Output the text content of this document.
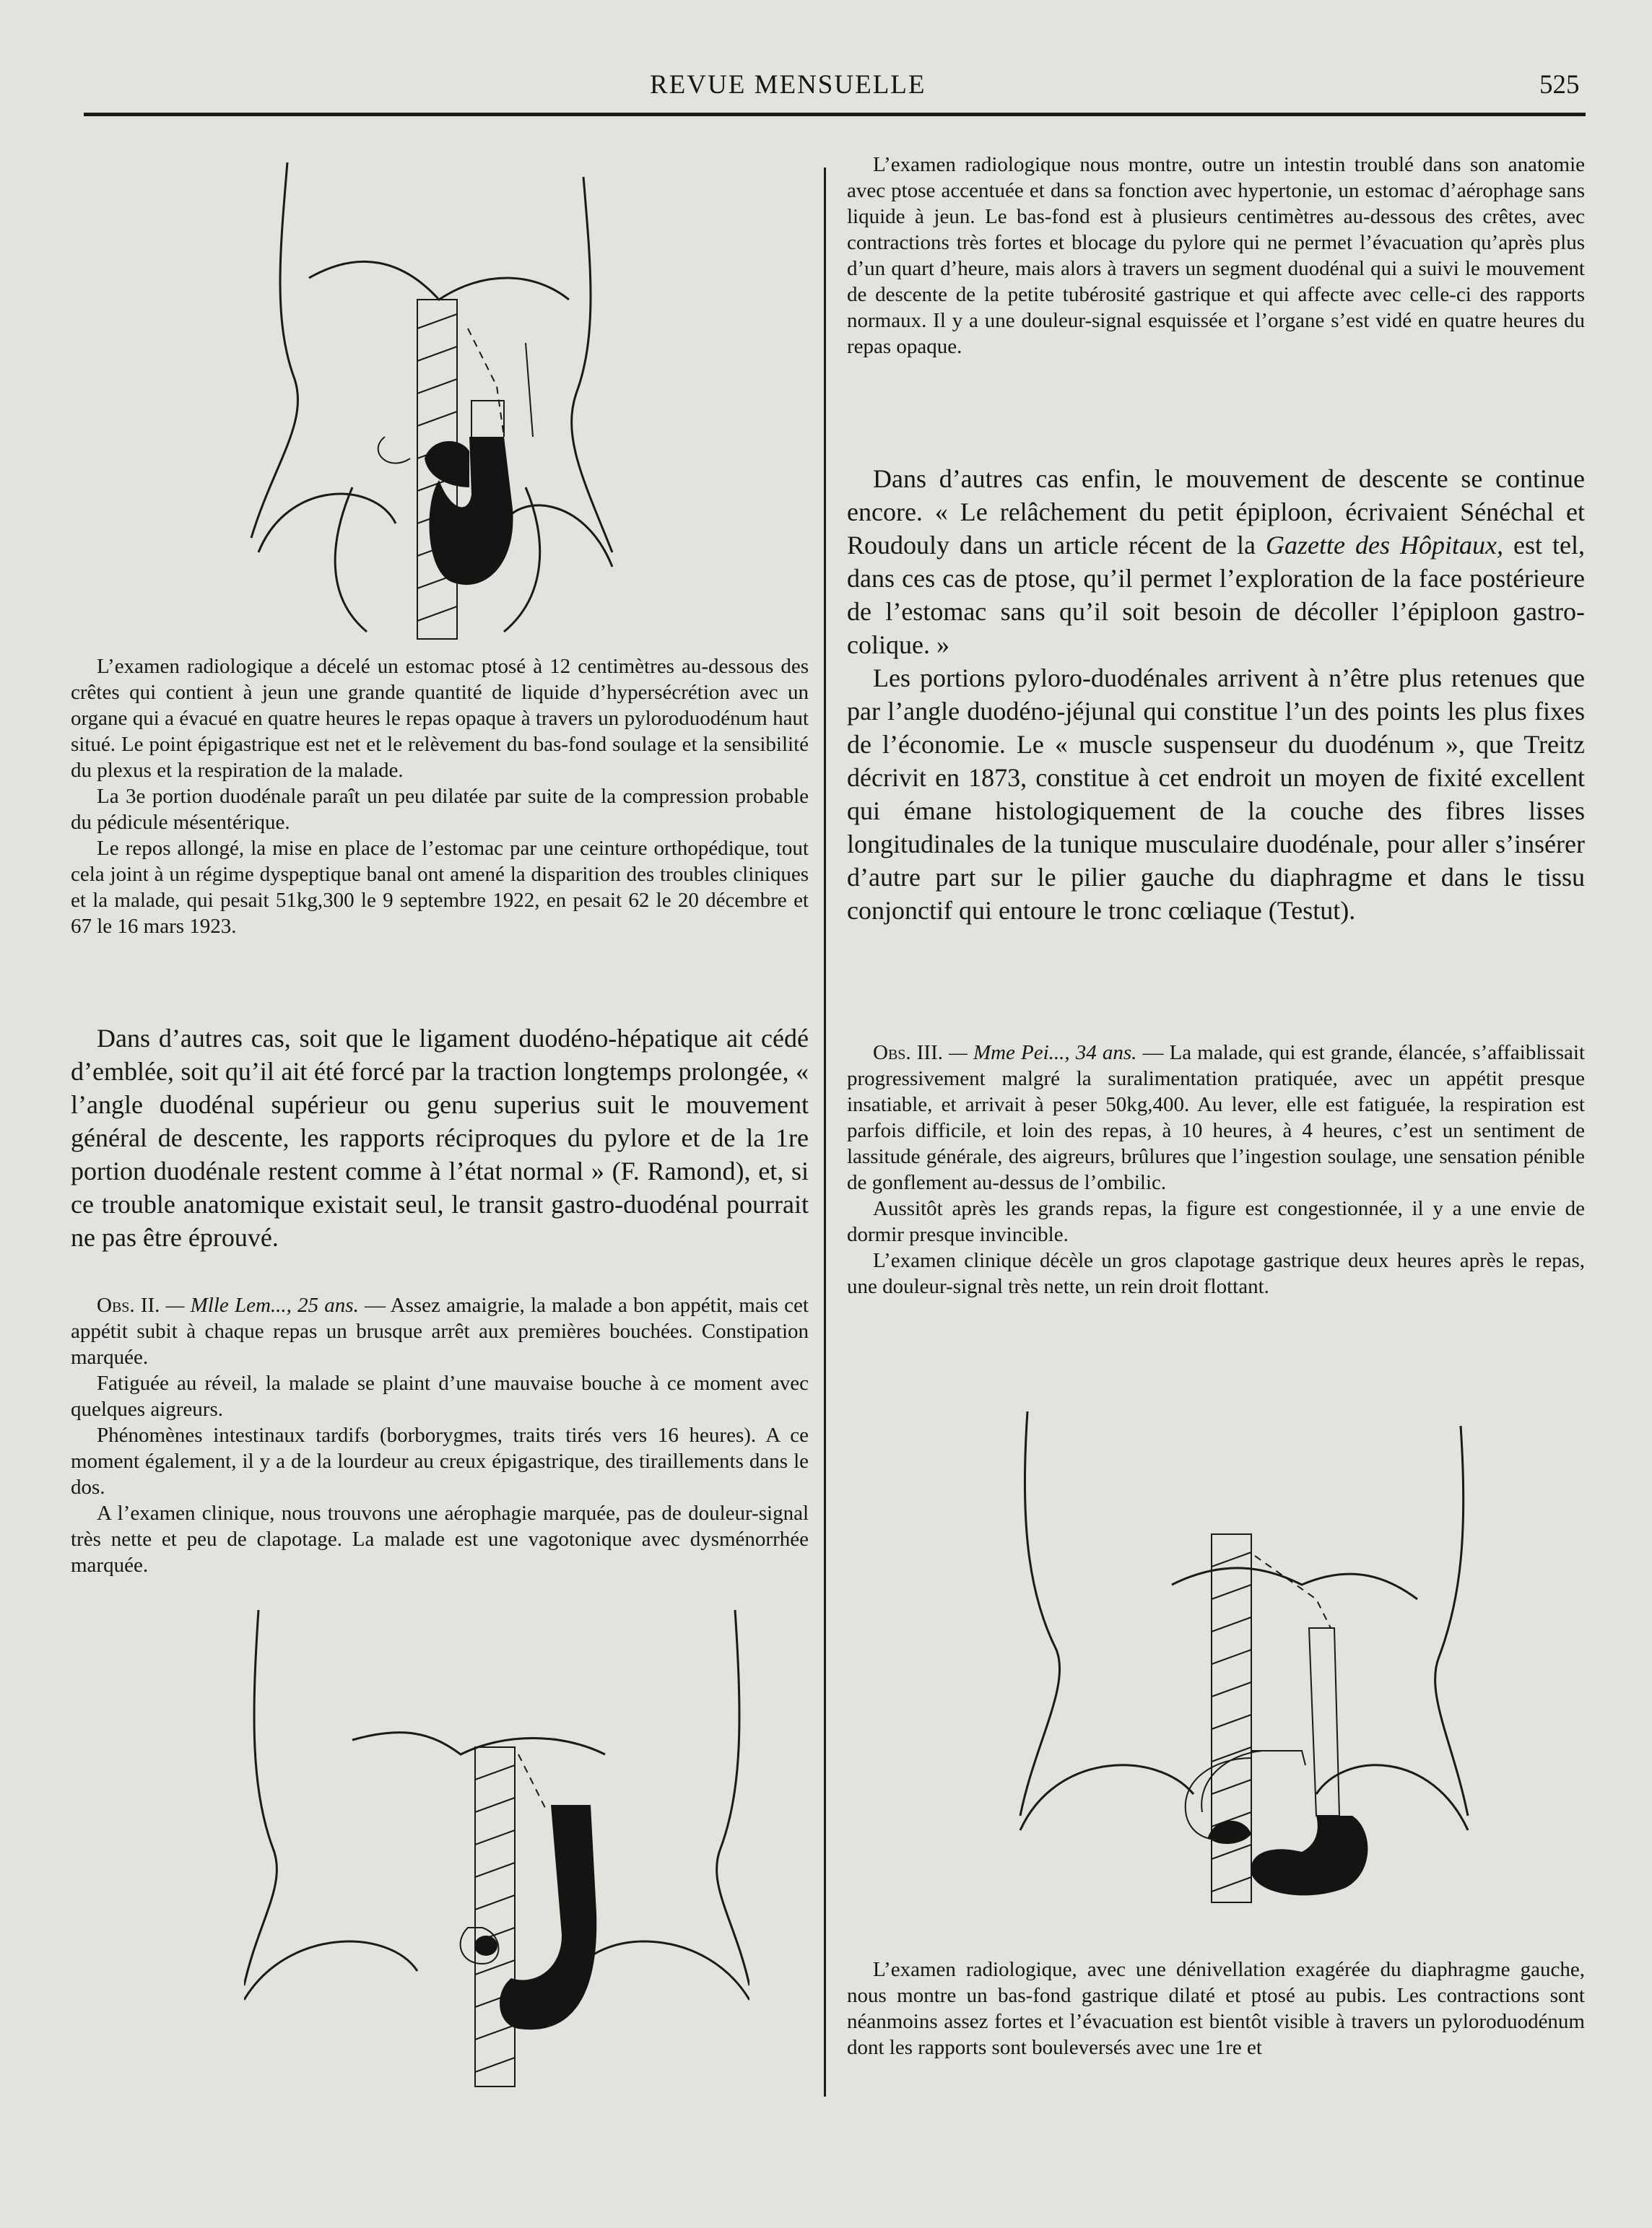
REVUE MENSUELLE	525

L’examen radiologique a décelé un estomac ptosé à 12 centimètres au-dessous des crêtes qui contient à jeun une grande quantité de liquide d’hypersécrétion avec un organe qui a évacué en quatre heures le repas opaque à travers un pyloroduodénum haut situé. Le point épigastrique est net et le relèvement du bas-fond soulage et la sensibilité du plexus et la respiration de la malade.

La 3e portion duodénale paraît un peu dilatée par suite de la compression probable du pédicule mésentérique.

Le repos allongé, la mise en place de l’estomac par une ceinture orthopédique, tout cela joint à un régime dyspeptique banal ont amené la disparition des troubles cliniques et la malade, qui pesait 51kg,300 le 9 septembre 1922, en pesait 62 le 20 décembre et 67 le 16 mars 1923.

Dans d’autres cas, soit que le ligament duodéno-hépatique ait cédé d’emblée, soit qu’il ait été forcé par la traction longtemps prolongée, « l’angle duodénal supérieur ou genu superius suit le mouvement général de descente, les rapports réciproques du pylore et de la 1re portion duodénale restent comme à l’état normal » (F. Ramond), et, si ce trouble anatomique existait seul, le transit gastro-duodénal pourrait ne pas être éprouvé.

Obs. II. — Mlle Lem..., 25 ans. — Assez amaigrie, la malade a bon appétit, mais cet appétit subit à chaque repas un brusque arrêt aux premières bouchées. Constipation marquée.

Fatiguée au réveil, la malade se plaint d’une mauvaise bouche à ce moment avec quelques aigreurs.

Phénomènes intestinaux tardifs (borborygmes, traits tirés vers 16 heures). A ce moment également, il y a de la lourdeur au creux épigastrique, des tiraillements dans le dos.

A l’examen clinique, nous trouvons une aérophagie marquée, pas de douleur-signal très nette et peu de clapotage. La malade est une vagotonique avec dysménorrhée marquée.

L’examen radiologique nous montre, outre un intestin troublé dans son anatomie avec ptose accentuée et dans sa fonction avec hypertonie, un estomac d’aérophage sans liquide à jeun. Le bas-fond est à plusieurs centimètres au-dessous des crêtes, avec contractions très fortes et blocage du pylore qui ne permet l’évacuation qu’après plus d’un quart d’heure, mais alors à travers un segment duodénal qui a suivi le mouvement de descente de la petite tubérosité gastrique et qui affecte avec celle-ci des rapports normaux. Il y a une douleur-signal esquissée et l’organe s’est vidé en quatre heures du repas opaque.

Dans d’autres cas enfin, le mouvement de descente se continue encore. « Le relâchement du petit épiploon, écrivaient Sénéchal et Roudouly dans un article récent de la Gazette des Hôpitaux, est tel, dans ces cas de ptose, qu’il permet l’exploration de la face postérieure de l’estomac sans qu’il soit besoin de décoller l’épiploon gastro-colique. »

Les portions pyloro-duodénales arrivent à n’être plus retenues que par l’angle duodéno-jéjunal qui constitue l’un des points les plus fixes de l’économie. Le « muscle suspenseur du duodénum », que Treitz décrivit en 1873, constitue à cet endroit un moyen de fixité excellent qui émane histologiquement de la couche des fibres lisses longitudinales de la tunique musculaire duodénale, pour aller s’insérer d’autre part sur le pilier gauche du diaphragme et dans le tissu conjonctif qui entoure le tronc cœliaque (Testut).

Obs. III. — Mme Pei..., 34 ans. — La malade, qui est grande, élancée, s’affaiblissait progressivement malgré la suralimentation pratiquée, avec un appétit presque insatiable, et arrivait à peser 50kg,400. Au lever, elle est fatiguée, la respiration est parfois difficile, et loin des repas, à 10 heures, à 4 heures, c’est un sentiment de lassitude générale, des aigreurs, brûlures que l’ingestion soulage, une sensation pénible de gonflement au-dessus de l’ombilic.

Aussitôt après les grands repas, la figure est congestionnée, il y a une envie de dormir presque invincible.

L’examen clinique décèle un gros clapotage gastrique deux heures après le repas, une douleur-signal très nette, un rein droit flottant.

L’examen radiologique, avec une dénivellation exagérée du diaphragme gauche, nous montre un bas-fond gastrique dilaté et ptosé au pubis. Les contractions sont néanmoins assez fortes et l’évacuation est bientôt visible à travers un pyloroduodénum dont les rapports sont bouleversés avec une 1re et
